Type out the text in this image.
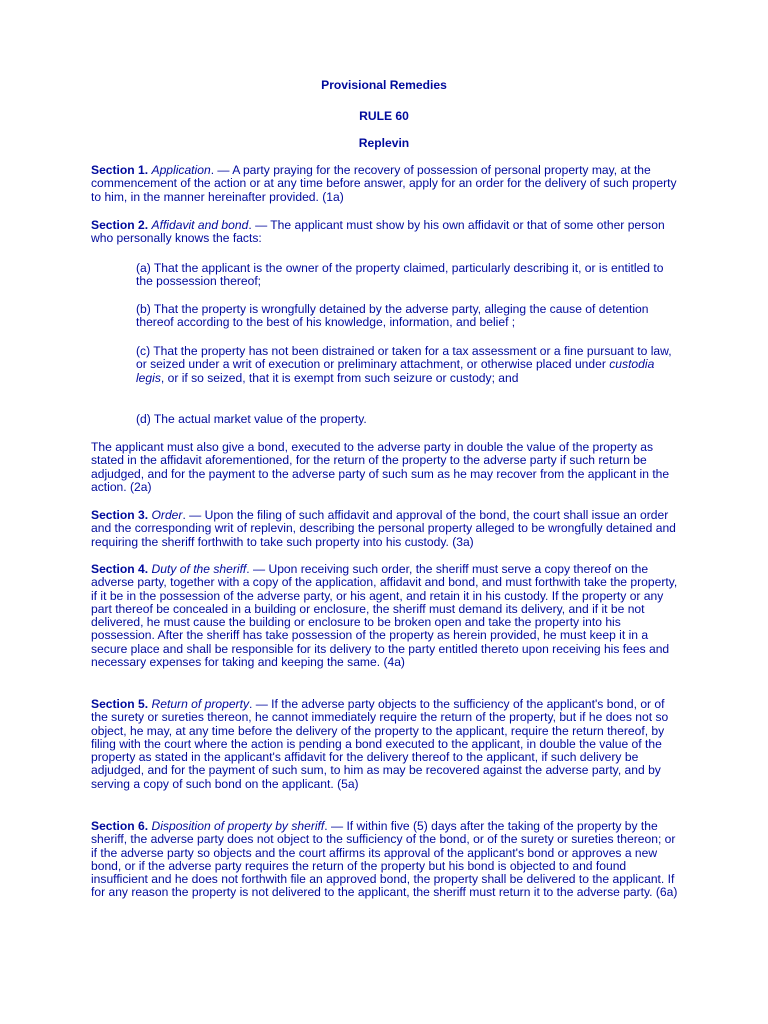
Provisional Remedies
RULE 60
Replevin

Section 1. Application. — A party praying for the recovery of possession of personal property may, at the commencement of the action or at any time before answer, apply for an order for the delivery of such property to him, in the manner hereinafter provided. (1a)

Section 2. Affidavit and bond. — The applicant must show by his own affidavit or that of some other person who personally knows the facts:

(a) That the applicant is the owner of the property claimed, particularly describing it, or is entitled to the possession thereof;

(b) That the property is wrongfully detained by the adverse party, alleging the cause of detention thereof according to the best of his knowledge, information, and belief ;

(c) That the property has not been distrained or taken for a tax assessment or a fine pursuant to law, or seized under a writ of execution or preliminary attachment, or otherwise placed under custodia legis, or if so seized, that it is exempt from such seizure or custody; and

(d) The actual market value of the property.

The applicant must also give a bond, executed to the adverse party in double the value of the property as stated in the affidavit aforementioned, for the return of the property to the adverse party if such return be adjudged, and for the payment to the adverse party of such sum as he may recover from the applicant in the action. (2a)

Section 3. Order. — Upon the filing of such affidavit and approval of the bond, the court shall issue an order and the corresponding writ of replevin, describing the personal property alleged to be wrongfully detained and requiring the sheriff forthwith to take such property into his custody. (3a)

Section 4. Duty of the sheriff. — Upon receiving such order, the sheriff must serve a copy thereof on the adverse party, together with a copy of the application, affidavit and bond, and must forthwith take the property, if it be in the possession of the adverse party, or his agent, and retain it in his custody. If the property or any part thereof be concealed in a building or enclosure, the sheriff must demand its delivery, and if it be not delivered, he must cause the building or enclosure to be broken open and take the property into his possession. After the sheriff has take possession of the property as herein provided, he must keep it in a secure place and shall be responsible for its delivery to the party entitled thereto upon receiving his fees and necessary expenses for taking and keeping the same. (4a)

Section 5. Return of property. — If the adverse party objects to the sufficiency of the applicant's bond, or of the surety or sureties thereon, he cannot immediately require the return of the property, but if he does not so object, he may, at any time before the delivery of the property to the applicant, require the return thereof, by filing with the court where the action is pending a bond executed to the applicant, in double the value of the property as stated in the applicant's affidavit for the delivery thereof to the applicant, if such delivery be adjudged, and for the payment of such sum, to him as may be recovered against the adverse party, and by serving a copy of such bond on the applicant. (5a)

Section 6. Disposition of property by sheriff. — If within five (5) days after the taking of the property by the sheriff, the adverse party does not object to the sufficiency of the bond, or of the surety or sureties thereon; or if the adverse party so objects and the court affirms its approval of the applicant's bond or approves a new bond, or if the adverse party requires the return of the property but his bond is objected to and found insufficient and he does not forthwith file an approved bond, the property shall be delivered to the applicant. If for any reason the property is not delivered to the applicant, the sheriff must return it to the adverse party. (6a)
